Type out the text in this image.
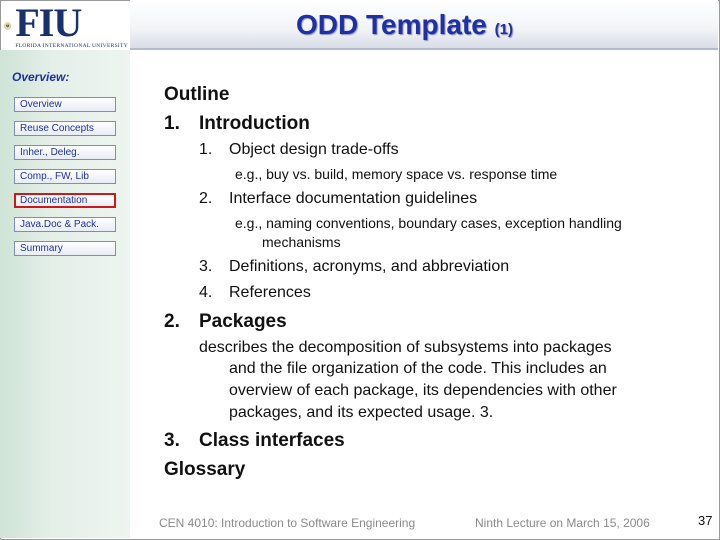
FIU
FLORIDA INTERNATIONAL UNIVERSITY
ODD Template (1)
Overview:
Overview
Reuse Concepts
Inher., Deleg.
Comp., FW, Lib
Documentation
Java.Doc & Pack.
Summary
Outline
1. Introduction
1. Object design trade-offs
e.g., buy vs. build, memory space vs. response time
2. Interface documentation guidelines
e.g., naming conventions, boundary cases, exception handling
mechanisms
3. Definitions, acronyms, and abbreviation
4. References
2. Packages
describes the decomposition of subsystems into packages
and the file organization of the code. This includes an
overview of each package, its dependencies with other
packages, and its expected usage. 3.
3. Class interfaces
Glossary
CEN 4010: Introduction to Software Engineering	Ninth Lecture on March 15, 2006	37
